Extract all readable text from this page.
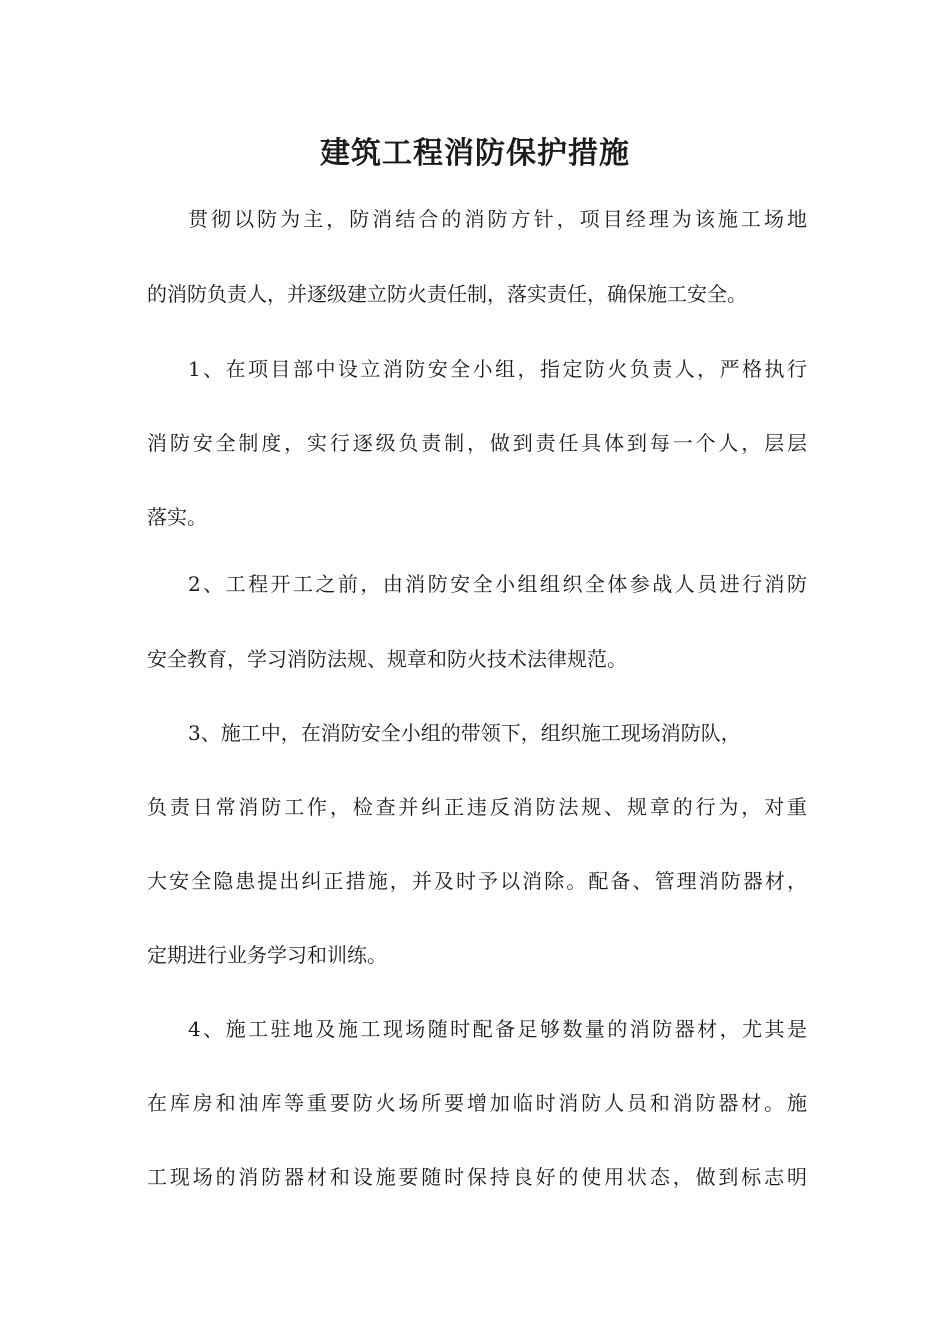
建筑工程消防保护措施

贯彻以防为主，防消结合的消防方针，项目经理为该施工场地

的消防负责人，并逐级建立防火责任制，落实责任，确保施工安全。

1、在项目部中设立消防安全小组，指定防火负责人，严格执行

消防安全制度，实行逐级负责制，做到责任具体到每一个人，层层

落实。

2、工程开工之前，由消防安全小组组织全体参战人员进行消防

安全教育，学习消防法规、规章和防火技术法律规范。

3、施工中，在消防安全小组的带领下，组织施工现场消防队，

负责日常消防工作，检查并纠正违反消防法规、规章的行为，对重

大安全隐患提出纠正措施，并及时予以消除。配备、管理消防器材，

定期进行业务学习和训练。

4、施工驻地及施工现场随时配备足够数量的消防器材，尤其是

在库房和油库等重要防火场所要增加临时消防人员和消防器材。施

工现场的消防器材和设施要随时保持良好的使用状态，做到标志明
